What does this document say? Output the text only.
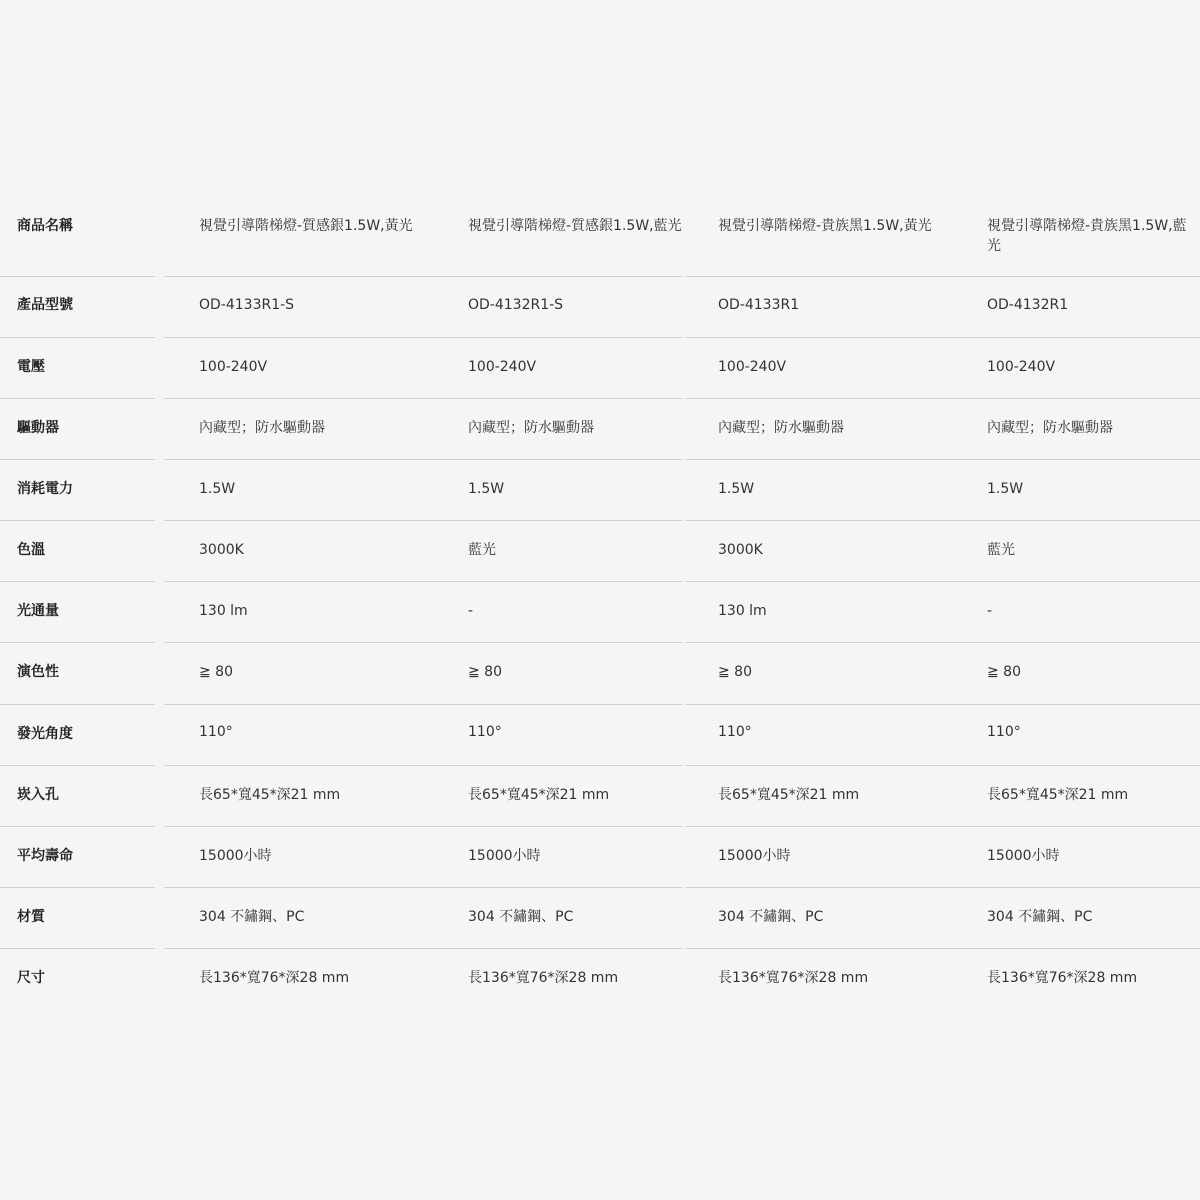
商品名稱	視覺引導階梯燈-質感銀1.5W,黃光	視覺引導階梯燈-質感銀1.5W,藍光	視覺引導階梯燈-貴族黑1.5W,黃光	視覺引導階梯燈-貴族黑1.5W,藍光
產品型號	OD-4133R1-S	OD-4132R1-S	OD-4133R1	OD-4132R1
電壓	100-240V	100-240V	100-240V	100-240V
驅動器	內藏型；防水驅動器	內藏型；防水驅動器	內藏型；防水驅動器	內藏型；防水驅動器
消耗電力	1.5W	1.5W	1.5W	1.5W
色溫	3000K	藍光	3000K	藍光
光通量	130 lm	-	130 lm	-
演色性	≧ 80	≧ 80	≧ 80	≧ 80
發光角度	110°	110°	110°	110°
崁入孔	長65*寬45*深21 mm	長65*寬45*深21 mm	長65*寬45*深21 mm	長65*寬45*深21 mm
平均壽命	15000小時	15000小時	15000小時	15000小時
材質	304 不鏽鋼、PC	304 不鏽鋼、PC	304 不鏽鋼、PC	304 不鏽鋼、PC
尺寸	長136*寬76*深28 mm	長136*寬76*深28 mm	長136*寬76*深28 mm	長136*寬76*深28 mm
